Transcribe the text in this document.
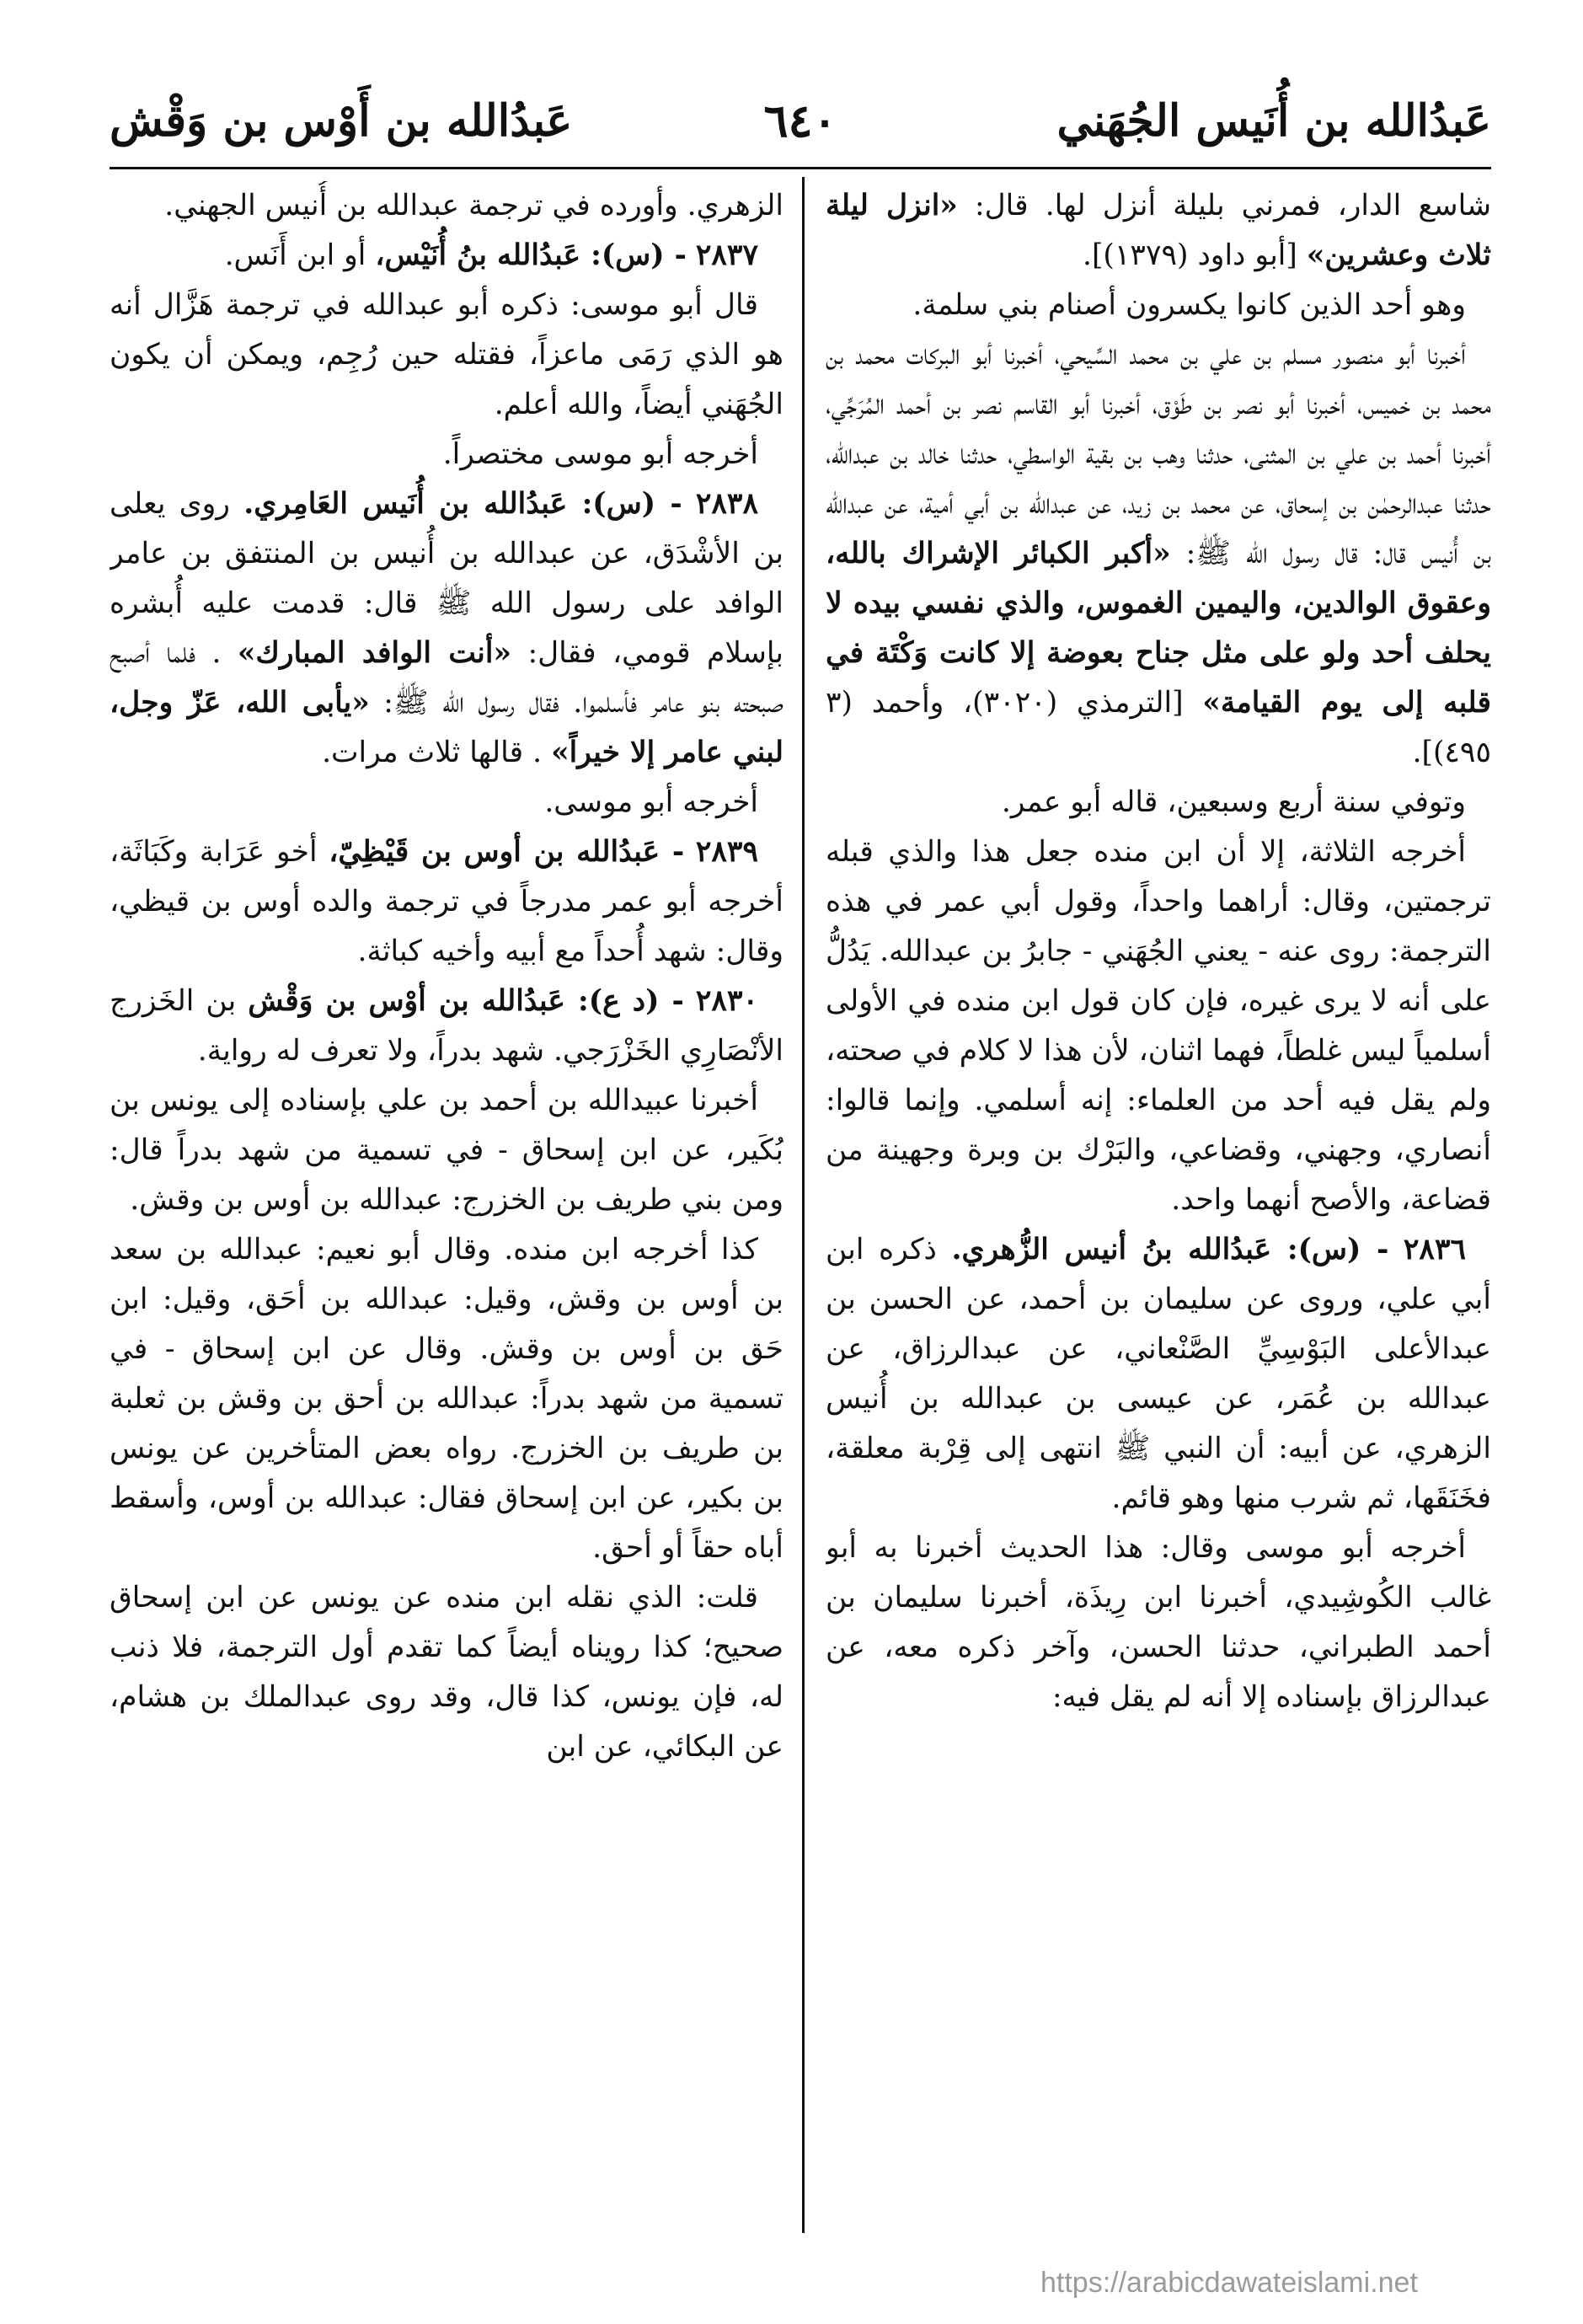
عَبدُالله بن أُنَيس الجُهَني
٦٤٠
عَبدُالله بن أَوْس بن وَقْش

شاسع الدار، فمرني بليلة أنزل لها. قال: «انزل ليلة ثلاث وعشرين» [أبو داود (١٣٧٩)].

وهو أحد الذين كانوا يكسرون أصنام بني سلمة.

أخبرنا أبو منصور مسلم بن علي بن محمد السِّيحي، أخبرنا أبو البركات محمد بن محمد بن خميس، أخبرنا أبو نصر بن طَوْق، أخبرنا أبو القاسم نصر بن أحمد المُرَجِّي، أخبرنا أحمد بن علي بن المثنى، حدثنا وهب بن بقية الواسطي، حدثنا خالد بن عبدالله، حدثنا عبدالرحمٰن بن إسحاق، عن محمد بن زيد، عن عبدالله بن أبي أمية، عن عبدالله بن أُنيس قال: قال رسول الله ﷺ: «أكبر الكبائر الإشراك بالله، وعقوق الوالدين، واليمين الغموس، والذي نفسي بيده لا يحلف أحد ولو على مثل جناح بعوضة إلا كانت وَكْتَة في قلبه إلى يوم القيامة» [الترمذي (٣٠٢٠)، وأحمد (٣ ٤٩٥)].

وتوفي سنة أربع وسبعين، قاله أبو عمر.

أخرجه الثلاثة، إلا أن ابن منده جعل هذا والذي قبله ترجمتين، وقال: أراهما واحداً، وقول أبي عمر في هذه الترجمة: روى عنه - يعني الجُهَني - جابرُ بن عبدالله. يَدُلُّ على أنه لا يرى غيره، فإن كان قول ابن منده في الأولى أسلمياً ليس غلطاً، فهما اثنان، لأن هذا لا كلام في صحته، ولم يقل فيه أحد من العلماء: إنه أسلمي. وإنما قالوا: أنصاري، وجهني، وقضاعي، والبَرْك بن وبرة وجهينة من قضاعة، والأصح أنهما واحد.

٢٨٣٦ - (س): عَبدُالله بنُ أنيس الزُّهري. ذكره ابن أبي علي، وروى عن سليمان بن أحمد، عن الحسن بن عبدالأعلى البَوْسِيِّ الصَّنْعاني، عن عبدالرزاق، عن عبدالله بن عُمَر، عن عيسى بن عبدالله بن أُنيس الزهري، عن أبيه: أن النبي ﷺ انتهى إلى قِرْبة معلقة، فخَنَقَها، ثم شرب منها وهو قائم.

أخرجه أبو موسى وقال: هذا الحديث أخبرنا به أبو غالب الكُوشِيدي، أخبرنا ابن رِيذَة، أخبرنا سليمان بن أحمد الطبراني، حدثنا الحسن، وآخر ذكره معه، عن عبدالرزاق بإسناده إلا أنه لم يقل فيه:

الزهري. وأورده في ترجمة عبدالله بن أُنيس الجهني.

٢٨٣٧ - (س): عَبدُالله بنُ أُنَيْس، أو ابن أَنَس.

قال أبو موسى: ذكره أبو عبدالله في ترجمة هَزَّال أنه هو الذي رَمَى ماعزاً، فقتله حين رُجِم، ويمكن أن يكون الجُهَني أيضاً، والله أعلم.

أخرجه أبو موسى مختصراً.

٢٨٣٨ - (س): عَبدُالله بن أُنَيس العَامِري. روى يعلى بن الأشْدَق، عن عبدالله بن أُنيس بن المنتفق بن عامر الوافد على رسول الله ﷺ قال: قدمت عليه أُبشره بإسلام قومي، فقال: «أنت الوافد المبارك» . فلما أصبح صبحته بنو عامر فأسلموا. فقال رسول الله ﷺ: «يأبى الله، عَزّ وجل، لبني عامر إلا خيراً» . قالها ثلاث مرات.

أخرجه أبو موسى.

٢٨٣٩ - عَبدُالله بن أوس بن قَيْظِيّ، أخو عَرَابة وكَبَاثَة، أخرجه أبو عمر مدرجاً في ترجمة والده أوس بن قيظي، وقال: شهد أُحداً مع أبيه وأخيه كباثة.

٢٨٣٠ - (د ع): عَبدُالله بن أوْس بن وَقْش بن الخَزرج الأنْصَارِي الخَزْرَجي. شهد بدراً، ولا تعرف له رواية.

أخبرنا عبيدالله بن أحمد بن علي بإسناده إلى يونس بن بُكَير، عن ابن إسحاق - في تسمية من شهد بدراً قال: ومن بني طريف بن الخزرج: عبدالله بن أوس بن وقش.

كذا أخرجه ابن منده. وقال أبو نعيم: عبدالله بن سعد بن أوس بن وقش، وقيل: عبدالله بن أحَق، وقيل: ابن حَق بن أوس بن وقش. وقال عن ابن إسحاق - في تسمية من شهد بدراً: عبدالله بن أحق بن وقش بن ثعلبة بن طريف بن الخزرج. رواه بعض المتأخرين عن يونس بن بكير، عن ابن إسحاق فقال: عبدالله بن أوس، وأسقط أباه حقاً أو أحق.

قلت: الذي نقله ابن منده عن يونس عن ابن إسحاق صحيح؛ كذا رويناه أيضاً كما تقدم أول الترجمة، فلا ذنب له، فإن يونس، كذا قال، وقد روى عبدالملك بن هشام، عن البكائي، عن ابن

https://arabicdawateislami.net
